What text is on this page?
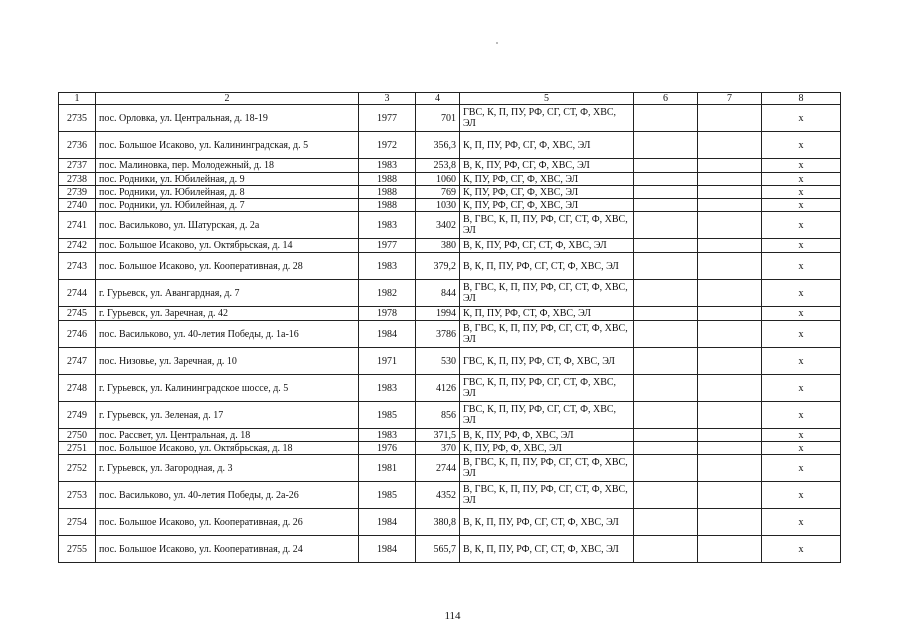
1	2	3	4	5	6	7	8
2735	пос. Орловка, ул. Центральная, д. 18-19	1977	701	ГВС, К, П, ПУ, РФ, СГ, СТ, Ф, ХВС, ЭЛ			х
2736	пос. Большое Исаково, ул. Калининградская, д. 5	1972	356,3	К, П, ПУ, РФ, СГ, Ф, ХВС, ЭЛ			х
2737	пос. Малиновка, пер. Молодежный, д. 18	1983	253,8	В, К, ПУ, РФ, СГ, Ф, ХВС, ЭЛ			х
2738	пос. Родники, ул. Юбилейная, д. 9	1988	1060	К, ПУ, РФ, СГ, Ф, ХВС, ЭЛ			х
2739	пос. Родники, ул. Юбилейная, д. 8	1988	769	К, ПУ, РФ, СГ, Ф, ХВС, ЭЛ			х
2740	пос. Родники, ул. Юбилейная, д. 7	1988	1030	К, ПУ, РФ, СГ, Ф, ХВС, ЭЛ			х
2741	пос. Васильково, ул. Шатурская, д. 2а	1983	3402	В, ГВС, К, П, ПУ, РФ, СГ, СТ, Ф, ХВС, ЭЛ			х
2742	пос. Большое Исаково, ул. Октябрьская, д. 14	1977	380	В, К, ПУ, РФ, СГ, СТ, Ф, ХВС, ЭЛ			х
2743	пос. Большое Исаково, ул. Кооперативная, д. 28	1983	379,2	В, К, П, ПУ, РФ, СГ, СТ, Ф, ХВС, ЭЛ			х
2744	г. Гурьевск, ул. Авангардная, д. 7	1982	844	В, ГВС, К, П, ПУ, РФ, СГ, СТ, Ф, ХВС, ЭЛ			х
2745	г. Гурьевск, ул. Заречная, д. 42	1978	1994	К, П, ПУ, РФ, СТ, Ф, ХВС, ЭЛ			х
2746	пос. Васильково, ул. 40-летия Победы, д. 1а-16	1984	3786	В, ГВС, К, П, ПУ, РФ, СГ, СТ, Ф, ХВС, ЭЛ			х
2747	пос. Низовье, ул. Заречная, д. 10	1971	530	ГВС, К, П, ПУ, РФ, СТ, Ф, ХВС, ЭЛ			х
2748	г. Гурьевск, ул. Калининградское шоссе, д. 5	1983	4126	ГВС, К, П, ПУ, РФ, СГ, СТ, Ф, ХВС, ЭЛ			х
2749	г. Гурьевск, ул. Зеленая, д. 17	1985	856	ГВС, К, П, ПУ, РФ, СГ, СТ, Ф, ХВС, ЭЛ			х
2750	пос. Рассвет, ул. Центральная, д. 18	1983	371,5	В, К, ПУ, РФ, Ф, ХВС, ЭЛ			х
2751	пос. Большое Исаково, ул. Октябрьская, д. 18	1976	370	К, ПУ, РФ, Ф, ХВС, ЭЛ			х
2752	г. Гурьевск, ул. Загородная, д. 3	1981	2744	В, ГВС, К, П, ПУ, РФ, СГ, СТ, Ф, ХВС, ЭЛ			х
2753	пос. Васильково, ул. 40-летия Победы, д. 2а-26	1985	4352	В, ГВС, К, П, ПУ, РФ, СГ, СТ, Ф, ХВС, ЭЛ			х
2754	пос. Большое Исаково, ул. Кооперативная, д. 26	1984	380,8	В, К, П, ПУ, РФ, СГ, СТ, Ф, ХВС, ЭЛ			х
2755	пос. Большое Исаково, ул. Кооперативная, д. 24	1984	565,7	В, К, П, ПУ, РФ, СГ, СТ, Ф, ХВС, ЭЛ			х
114
